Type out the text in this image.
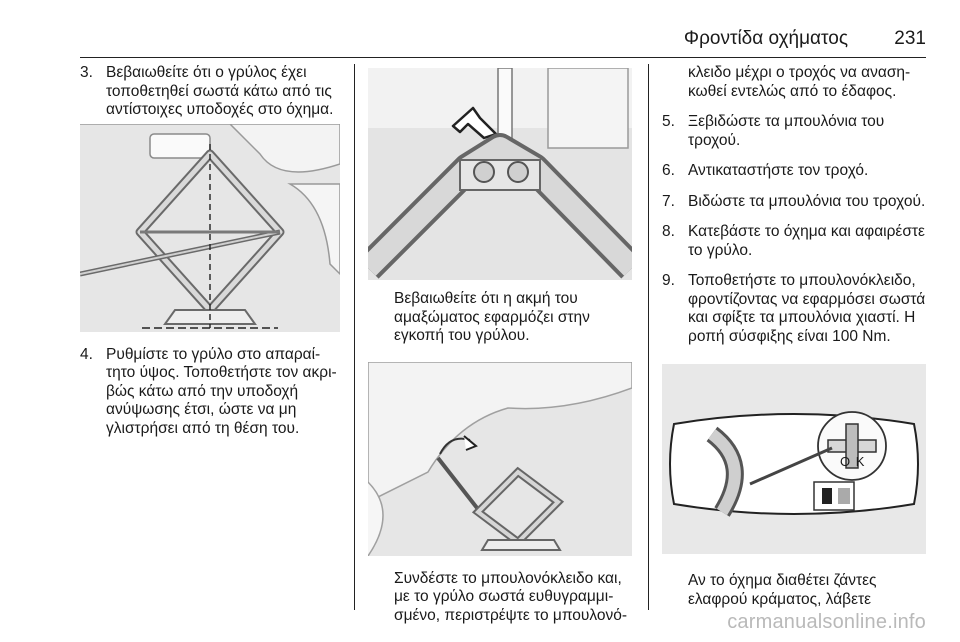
Φροντίδα οχήματος 231
3. Βεβαιωθείτε ότι ο γρύλος έχει τοποθετηθεί σωστά κάτω από τις αντίστοιχες υποδοχές στο όχημα.
4. Ρυθμίστε το γρύλο στο απαραίτητο ύψος. Τοποθετήστε τον ακριβώς κάτω από την υποδοχή ανύψωσης έτσι, ώστε να μη γλιστρήσει από τη θέση του.
Βεβαιωθείτε ότι η ακμή του αμαξώματος εφαρμόζει στην εγκοπή του γρύλου.
Συνδέστε το μπουλονόκλειδο και, με το γρύλο σωστά ευθυγραμμισμένο, περιστρέψτε το μπουλονό-
κλειδο μέχρι ο τροχός να ανασηκωθεί εντελώς από το έδαφος.
5. Ξεβιδώστε τα μπουλόνια του τροχού.
6. Αντικαταστήστε τον τροχό.
7. Βιδώστε τα μπουλόνια του τροχού.
8. Κατεβάστε το όχημα και αφαιρέστε το γρύλο.
9. Τοποθετήστε το μπουλονόκλειδο, φροντίζοντας να εφαρμόσει σωστά και σφίξτε τα μπουλόνια χιαστί. Η ροπή σύσφιξης είναι 100 Nm.
O K
Αν το όχημα διαθέτει ζάντες ελαφρού κράματος, λάβετε
carmanualsonline.info
